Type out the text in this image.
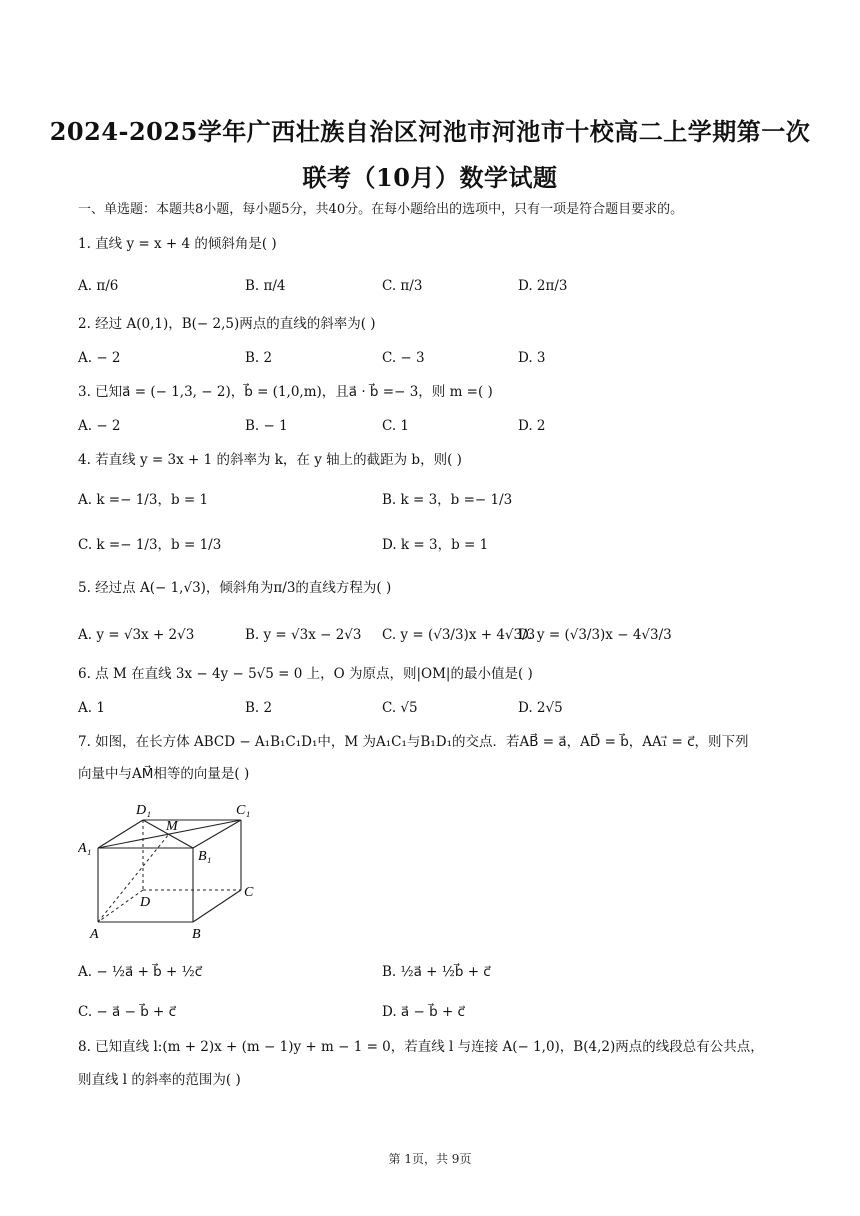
2024-2025学年广西壮族自治区河池市河池市十校高二上学期第一次
联考（10月）数学试题
一、单选题：本题共8小题，每小题5分，共40分。在每小题给出的选项中，只有一项是符合题目要求的。
1. 直线 y = x + 4 的倾斜角是( )
A. π/6	B. π/4	C. π/3	D. 2π/3
2. 经过 A(0,1)，B(− 2,5)两点的直线的斜率为( )
A. − 2	B. 2	C. − 3	D. 3
3. 已知a⃗ = (− 1,3, − 2)，b⃗ = (1,0,m)，且a⃗ · b⃗ =− 3，则 m =( )
A. − 2	B. − 1	C. 1	D. 2
4. 若直线 y = 3x + 1 的斜率为 k，在 y 轴上的截距为 b，则( )
A. k =− 1/3，b = 1	B. k = 3，b =− 1/3
C. k =− 1/3，b = 1/3	D. k = 3，b = 1
5. 经过点 A(− 1,√3)，倾斜角为π/3的直线方程为( )
A. y = √3x + 2√3	B. y = √3x − 2√3 C. y = (√3/3)x + 4√3/3
D. y = (√3/3)x − 4√3/3
6. 点 M 在直线 3x − 4y − 5√5 = 0 上，O 为原点，则|OM|的最小值是( )
A. 1	B. 2	C. √5	D. 2√5
7. 如图，在长方体 ABCD − A₁B₁C₁D₁中，M 为A₁C₁与B₁D₁的交点．若AB⃗ = a⃗，AD⃗ = b⃗，AA₁⃗ = c⃗，则下列
向量中与AM⃗相等的向量是( )
D₁	C₁
M
A₁
B₁
D
C
A	B
A. − ½a⃗ + b⃗ + ½c⃗	B. ½a⃗ + ½b⃗ + c⃗
C. − a⃗ − b⃗ + c⃗	D. a⃗ − b⃗ + c⃗
8. 已知直线 l:(m + 2)x + (m − 1)y + m − 1 = 0，若直线 l 与连接 A(− 1,0)，B(4,2)两点的线段总有公共点，
则直线 l 的斜率的范围为( )
第 1页，共 9页
